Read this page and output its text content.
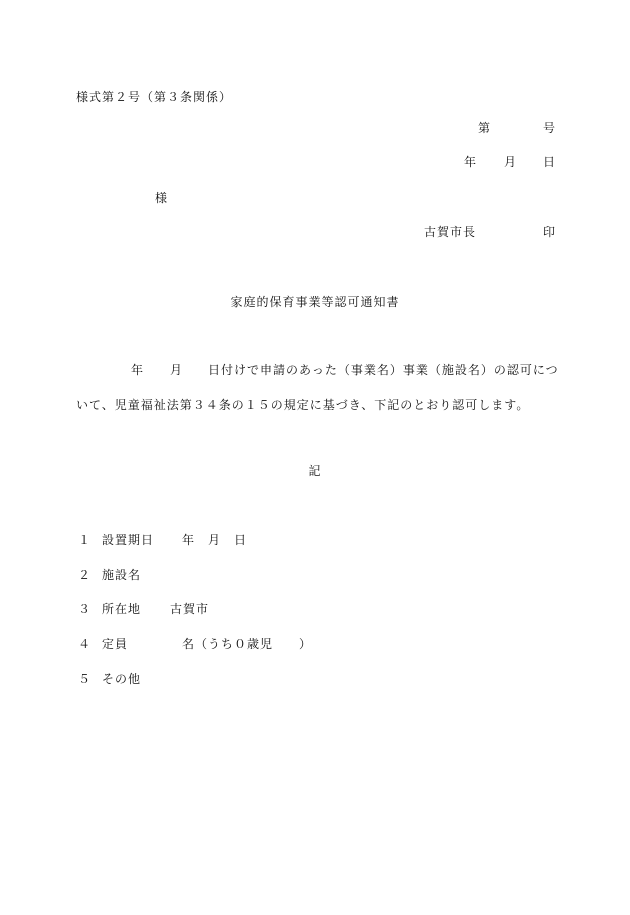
様式第２号（第３条関係）
第	号
年 月 日
様
古賀市長	印
家庭的保育事業等認可通知書
年 月 日付けで申請のあった（事業名）事業（施設名）の認可につ
いて、児童福祉法第３４条の１５の規定に基づき、下記のとおり認可します。
記
１ 設置期日 年　月　日
２ 施設名
３ 所在地 古賀市
４ 定員	名（うち０歳児　　）
５ その他
